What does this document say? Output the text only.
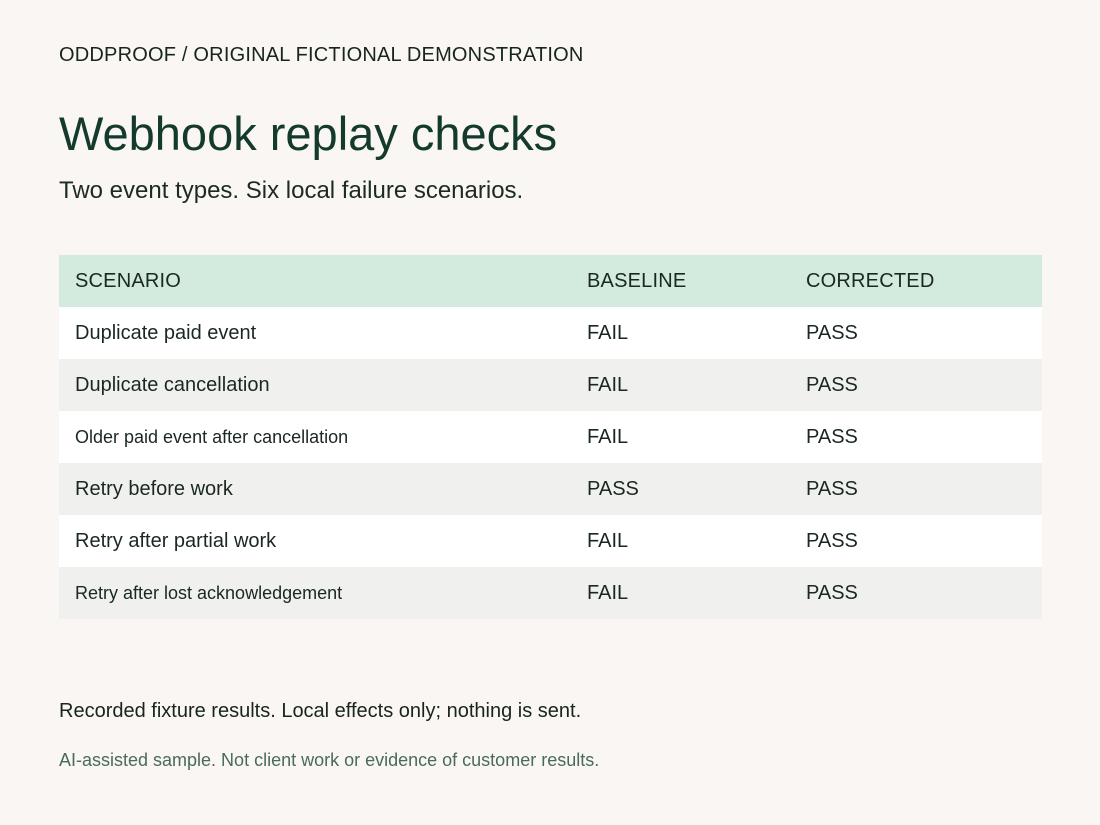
ODDPROOF / ORIGINAL FICTIONAL DEMONSTRATION
Webhook replay checks
Two event types. Six local failure scenarios.
SCENARIO	BASELINE	CORRECTED
Duplicate paid event	FAIL	PASS
Duplicate cancellation	FAIL	PASS
Older paid event after cancellation	FAIL	PASS
Retry before work	PASS	PASS
Retry after partial work	FAIL	PASS
Retry after lost acknowledgement	FAIL	PASS
Recorded fixture results. Local effects only; nothing is sent.
AI-assisted sample. Not client work or evidence of customer results.
